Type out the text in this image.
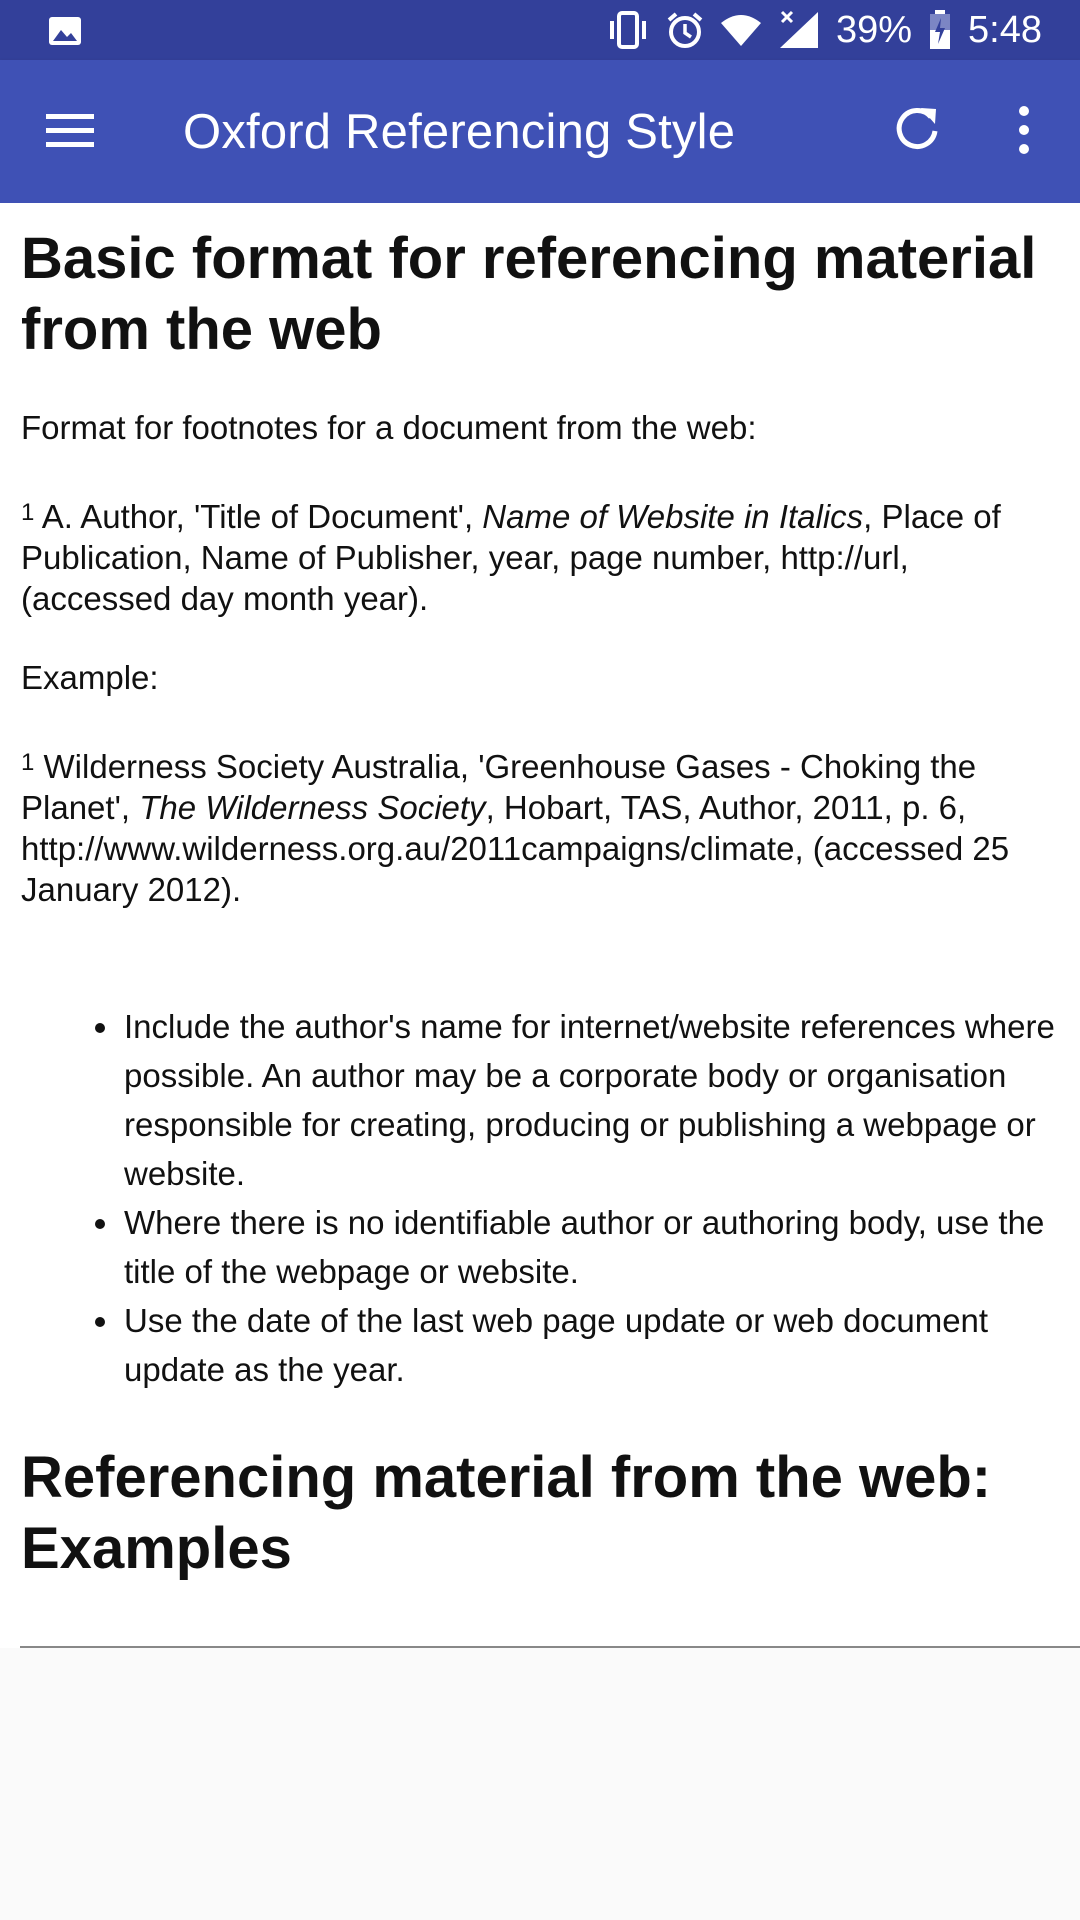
39% 5:48
Oxford Referencing Style
Basic format for referencing material from the web

Format for footnotes for a document from the web:

$^1$ A. Author, 'Title of Document', Name of Website in Italics, Place of Publication, Name of Publisher, year, page number, http://url, (accessed day month year).

Example:

$^1$ Wilderness Society Australia, 'Greenhouse Gases - Choking the Planet', The Wilderness Society, Hobart, TAS, Author, 2011, p. 6, http://www.wilderness.org.au/2011campaigns/climate, (accessed 25 January 2012).

• Include the author's name for internet/website references where possible. An author may be a corporate body or organisation responsible for creating, producing or publishing a webpage or website.
• Where there is no identifiable author or authoring body, use the title of the webpage or website.
• Use the date of the last web page update or web document update as the year.
Referencing material from the web: Examples
